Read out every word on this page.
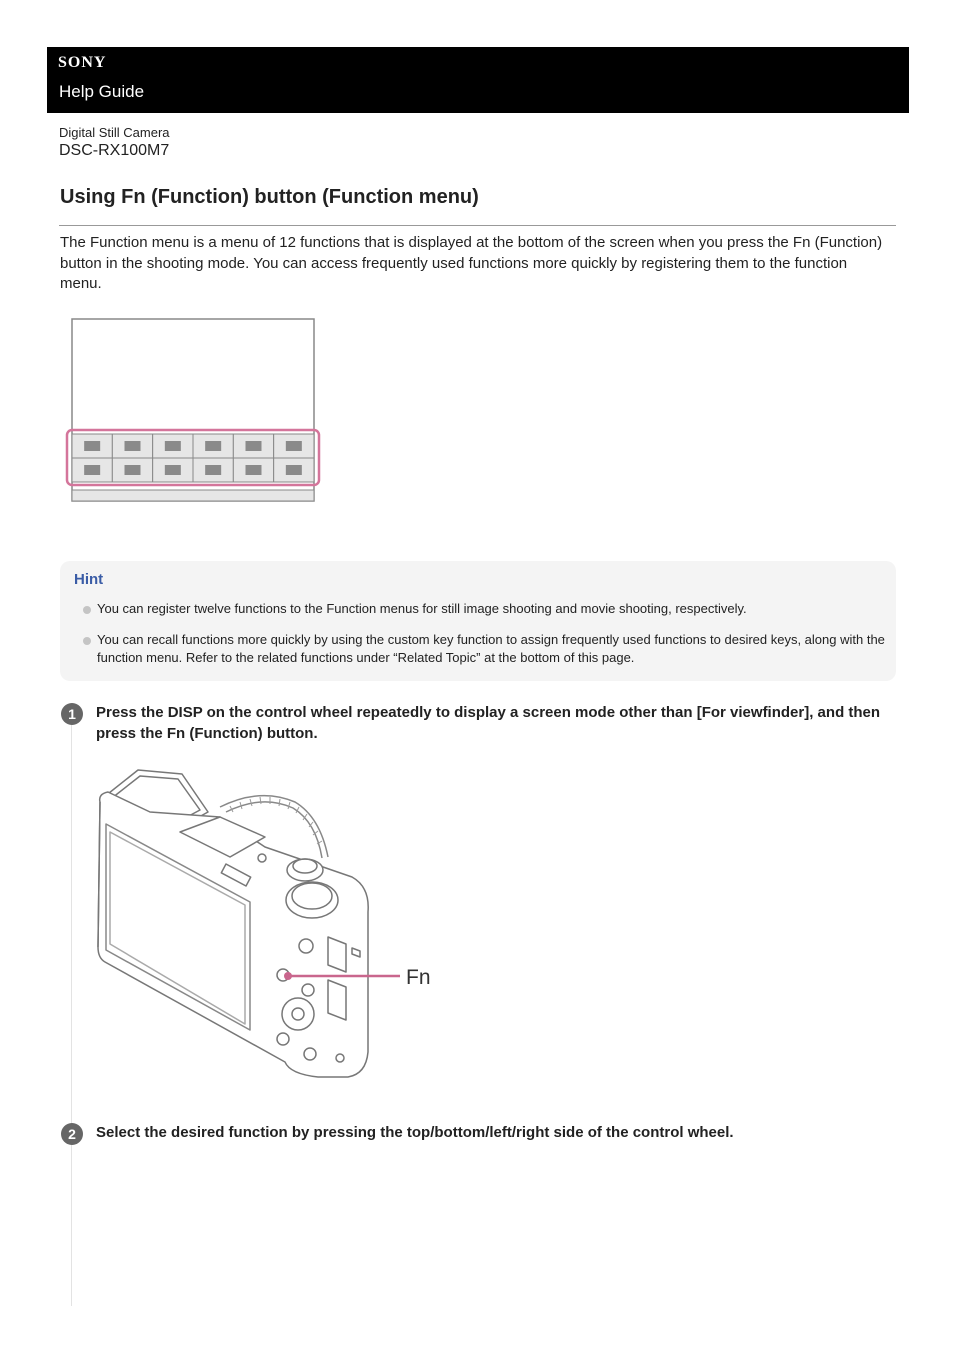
SONY
Help Guide
Digital Still Camera
DSC-RX100M7
Using Fn (Function) button (Function menu)

The Function menu is a menu of 12 functions that is displayed at the bottom of the screen when you press the Fn (Function) button in the shooting mode. You can access frequently used functions more quickly by registering them to the function menu.

Hint
You can register twelve functions to the Function menus for still image shooting and movie shooting, respectively.
You can recall functions more quickly by using the custom key function to assign frequently used functions to desired keys, along with the function menu. Refer to the related functions under “Related Topic” at the bottom of this page.
1	Press the DISP on the control wheel repeatedly to display a screen mode other than [For viewfinder], and then press the Fn (Function) button.
Fn
2	Select the desired function by pressing the top/bottom/left/right side of the control wheel.
